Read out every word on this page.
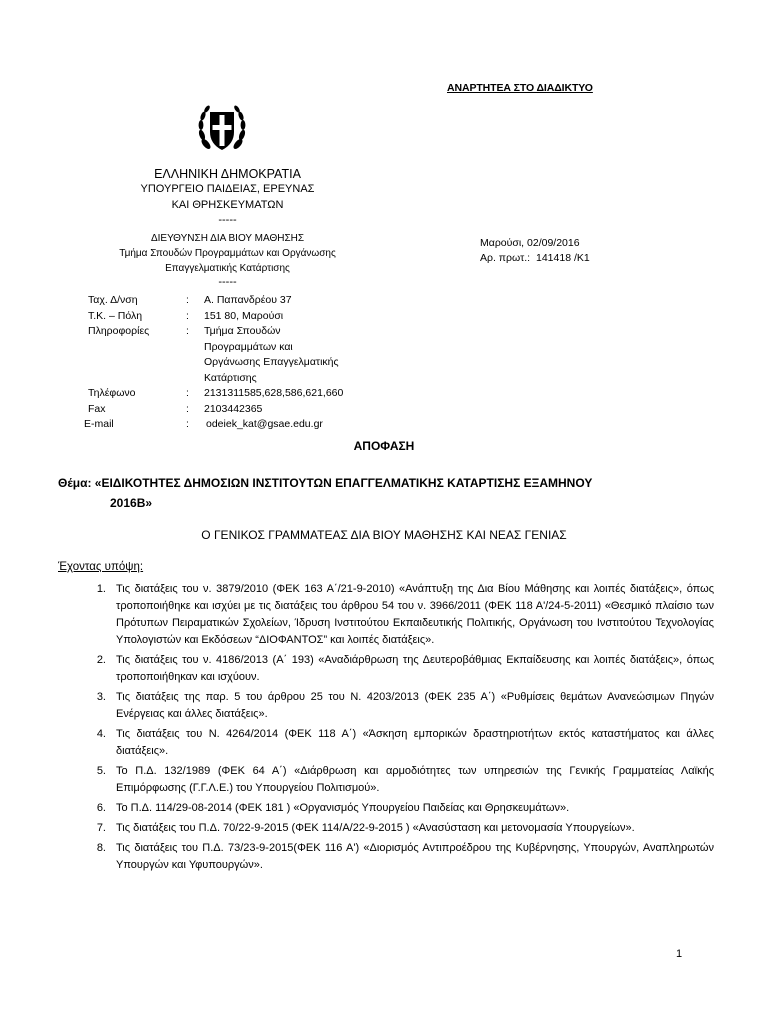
ΑΝΑΡΤΗΤΕΑ ΣΤΟ ΔΙΑΔΙΚΤΥΟ
ΕΛΛΗΝΙΚΗ ΔΗΜΟΚΡΑΤΙΑ
ΥΠΟΥΡΓΕΙΟ ΠΑΙΔΕΙΑΣ, ΕΡΕΥΝΑΣ
ΚΑΙ ΘΡΗΣΚΕΥΜΑΤΩΝ
-----
ΔΙΕΥΘΥΝΣΗ ΔΙΑ ΒΙΟΥ ΜΑΘΗΣΗΣ
Τμήμα Σπουδών Προγραμμάτων και Οργάνωσης
Επαγγελματικής Κατάρτισης
-----
Μαρούσι, 02/09/2016
Αρ. πρωτ.: 141418 /Κ1
Ταχ. Δ/νση	:	Α. Παπανδρέου 37
Τ.Κ. – Πόλη	:	151 80, Μαρούσι
Πληροφορίες	:	Τμήμα Σπουδών
Προγραμμάτων και
Οργάνωσης Επαγγελματικής
Κατάρτισης
Τηλέφωνο	:	2131311585,628,586,621,660
Fax	:	2103442365
E-mail	:	odeiek_kat@gsae.edu.gr
ΑΠΟΦΑΣΗ
Θέμα: «ΕΙΔΙΚΟΤΗΤΕΣ ΔΗΜΟΣΙΩΝ ΙΝΣΤΙΤΟΥΤΩΝ ΕΠΑΓΓΕΛΜΑΤΙΚΗΣ ΚΑΤΑΡΤΙΣΗΣ ΕΞΑΜΗΝΟΥ
2016Β»
Ο ΓΕΝΙΚΟΣ ΓΡΑΜΜΑΤΕΑΣ ΔΙΑ ΒΙΟΥ ΜΑΘΗΣΗΣ ΚΑΙ ΝΕΑΣ ΓΕΝΙΑΣ
Έχοντας υπόψη:
1. Τις διατάξεις του ν. 3879/2010 (ΦΕΚ 163 Α΄/21-9-2010) «Ανάπτυξη της Δια Βίου Μάθησης και λοιπές διατάξεις», όπως τροποποιήθηκε και ισχύει με τις διατάξεις του άρθρου 54 του ν. 3966/2011 (ΦΕΚ 118 Α'/24-5-2011) «Θεσμικό πλαίσιο των Πρότυπων Πειραματικών Σχολείων, Ίδρυση Ινστιτούτου Εκπαιδευτικής Πολιτικής, Οργάνωση του Ινστιτούτου Τεχνολογίας Υπολογιστών και Εκδόσεων “ΔΙΟΦΑΝΤΟΣ” και λοιπές διατάξεις».
2. Τις διατάξεις του ν. 4186/2013 (Α΄ 193) «Αναδιάρθρωση της Δευτεροβάθμιας Εκπαίδευσης και λοιπές διατάξεις», όπως τροποποιήθηκαν και ισχύουν.
3. Τις διατάξεις της παρ. 5 του άρθρου 25 του Ν. 4203/2013 (ΦΕΚ 235 Α΄) «Ρυθμίσεις θεμάτων Ανανεώσιμων Πηγών Ενέργειας και άλλες διατάξεις».
4. Τις διατάξεις του Ν. 4264/2014 (ΦΕΚ 118 Α΄) «Άσκηση εμπορικών δραστηριοτήτων εκτός καταστήματος και άλλες διατάξεις».
5. Το Π.Δ. 132/1989 (ΦΕΚ 64 Α΄) «Διάρθρωση και αρμοδιότητες των υπηρεσιών της Γενικής Γραμματείας Λαϊκής Επιμόρφωσης (Γ.Γ.Λ.Ε.) του Υπουργείου Πολιτισμού».
6. Το Π.Δ. 114/29-08-2014 (ΦΕΚ 181 ) «Οργανισμός Υπουργείου Παιδείας και Θρησκευμάτων».
7. Τις διατάξεις του Π.Δ. 70/22-9-2015 (ΦΕΚ 114/Α/22-9-2015 ) «Ανασύσταση και μετονομασία Υπουργείων».
8. Τις διατάξεις του Π.Δ. 73/23-9-2015(ΦΕΚ 116 Α') «Διορισμός Αντιπροέδρου της Κυβέρνησης, Υπουργών, Αναπληρωτών Υπουργών και Υφυπουργών».
1
